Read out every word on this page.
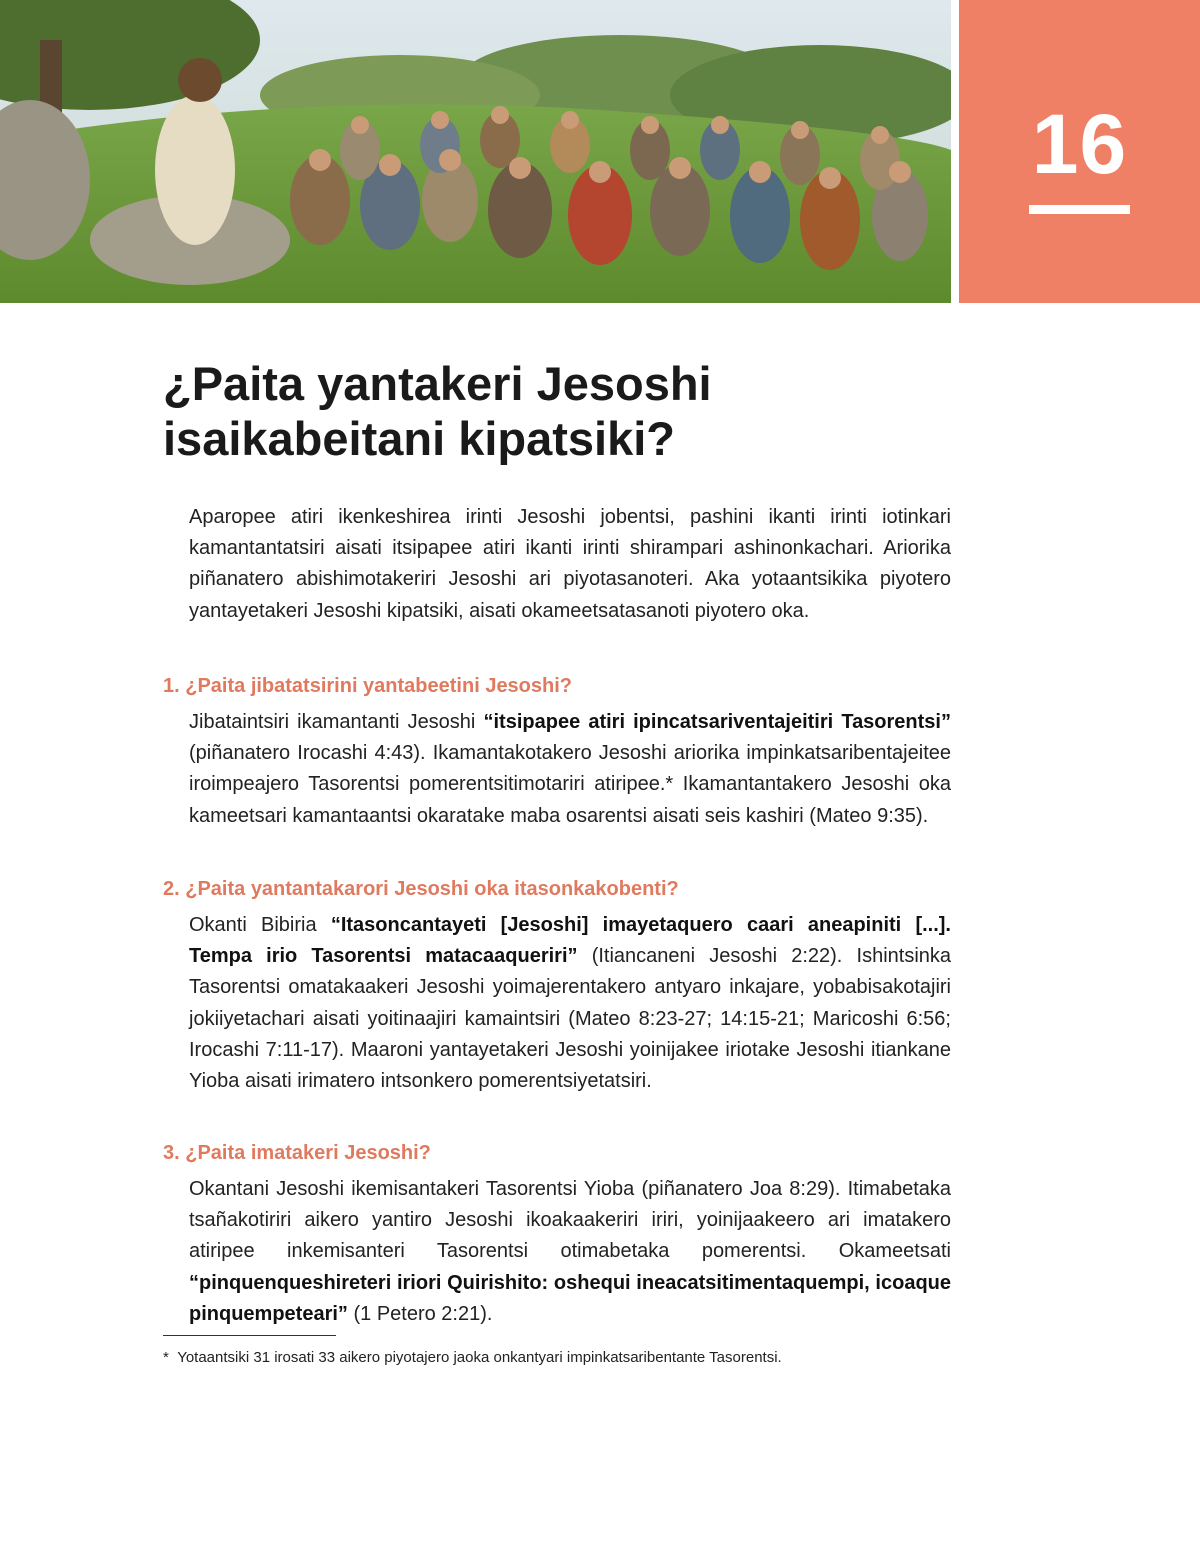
16
¿Paita yantakeri Jesoshi
isaikabeitani kipatsiki?

Aparopee atiri ikenkeshirea irinti Jesoshi jobentsi, pashini ikanti irinti iotinkari kamantantatsiri aisati itsipapee atiri ikanti irinti shirampari ashinonkachari. Ariorika piñanatero abishimotakeriri Jesoshi ari piyotasanoteri. Aka yotaantsikika piyotero yantayetakeri Jesoshi kipatsiki, aisati okameetsatasanoti piyotero oka.

1. ¿Paita jibatatsirini yantabeetini Jesoshi?

Jibataintsiri ikamantanti Jesoshi “itsipapee atiri ipincatsariventajeitiri Tasorentsi” (piñanatero Irocashi 4:43). Ikamantakotakero Jesoshi ariorika impinkatsaribentajeitee iroimpeajero Tasorentsi pomerentsitimotariri atiripee.* Ikamantantakero Jesoshi oka kameetsari kamantaantsi okaratake maba osarentsi aisati seis kashiri (Mateo 9:35).

2. ¿Paita yantantakarori Jesoshi oka itasonkakobenti?

Okanti Bibiria “Itasoncantayeti [Jesoshi] imayetaquero caari aneapiniti [...]. Tempa irio Tasorentsi matacaaqueriri” (Itiancaneni Jesoshi 2:22). Ishintsinka Tasorentsi omatakaakeri Jesoshi yoimajerentakero antyaro inkajare, yobabisakotajiri jokiiyetachari aisati yoitinaajiri kamaintsiri (Mateo 8:23-27; 14:15-21; Maricoshi 6:56; Irocashi 7:11-17). Maaroni yantayetakeri Jesoshi yoinijakee iriotake Jesoshi itiankane Yioba aisati irimatero intsonkero pomerentsiyetatsiri.

3. ¿Paita imatakeri Jesoshi?

Okantani Jesoshi ikemisantakeri Tasorentsi Yioba (piñanatero Joa 8:29). Itimabetaka tsañakotiriri aikero yantiro Jesoshi ikoakaakeriri iriri, yoinijaakeero ari imatakero atiripee inkemisanteri Tasorentsi otimabetaka pomerentsi. Okameetsati “pinquenqueshireteri iriori Quirishito: oshequi ineacatsitimentaquempi, icoaque pinquempeteari” (1 Petero 2:21).

* Yotaantsiki 31 irosati 33 aikero piyotajero jaoka onkantyari impinkatsaribentante Tasorentsi.
